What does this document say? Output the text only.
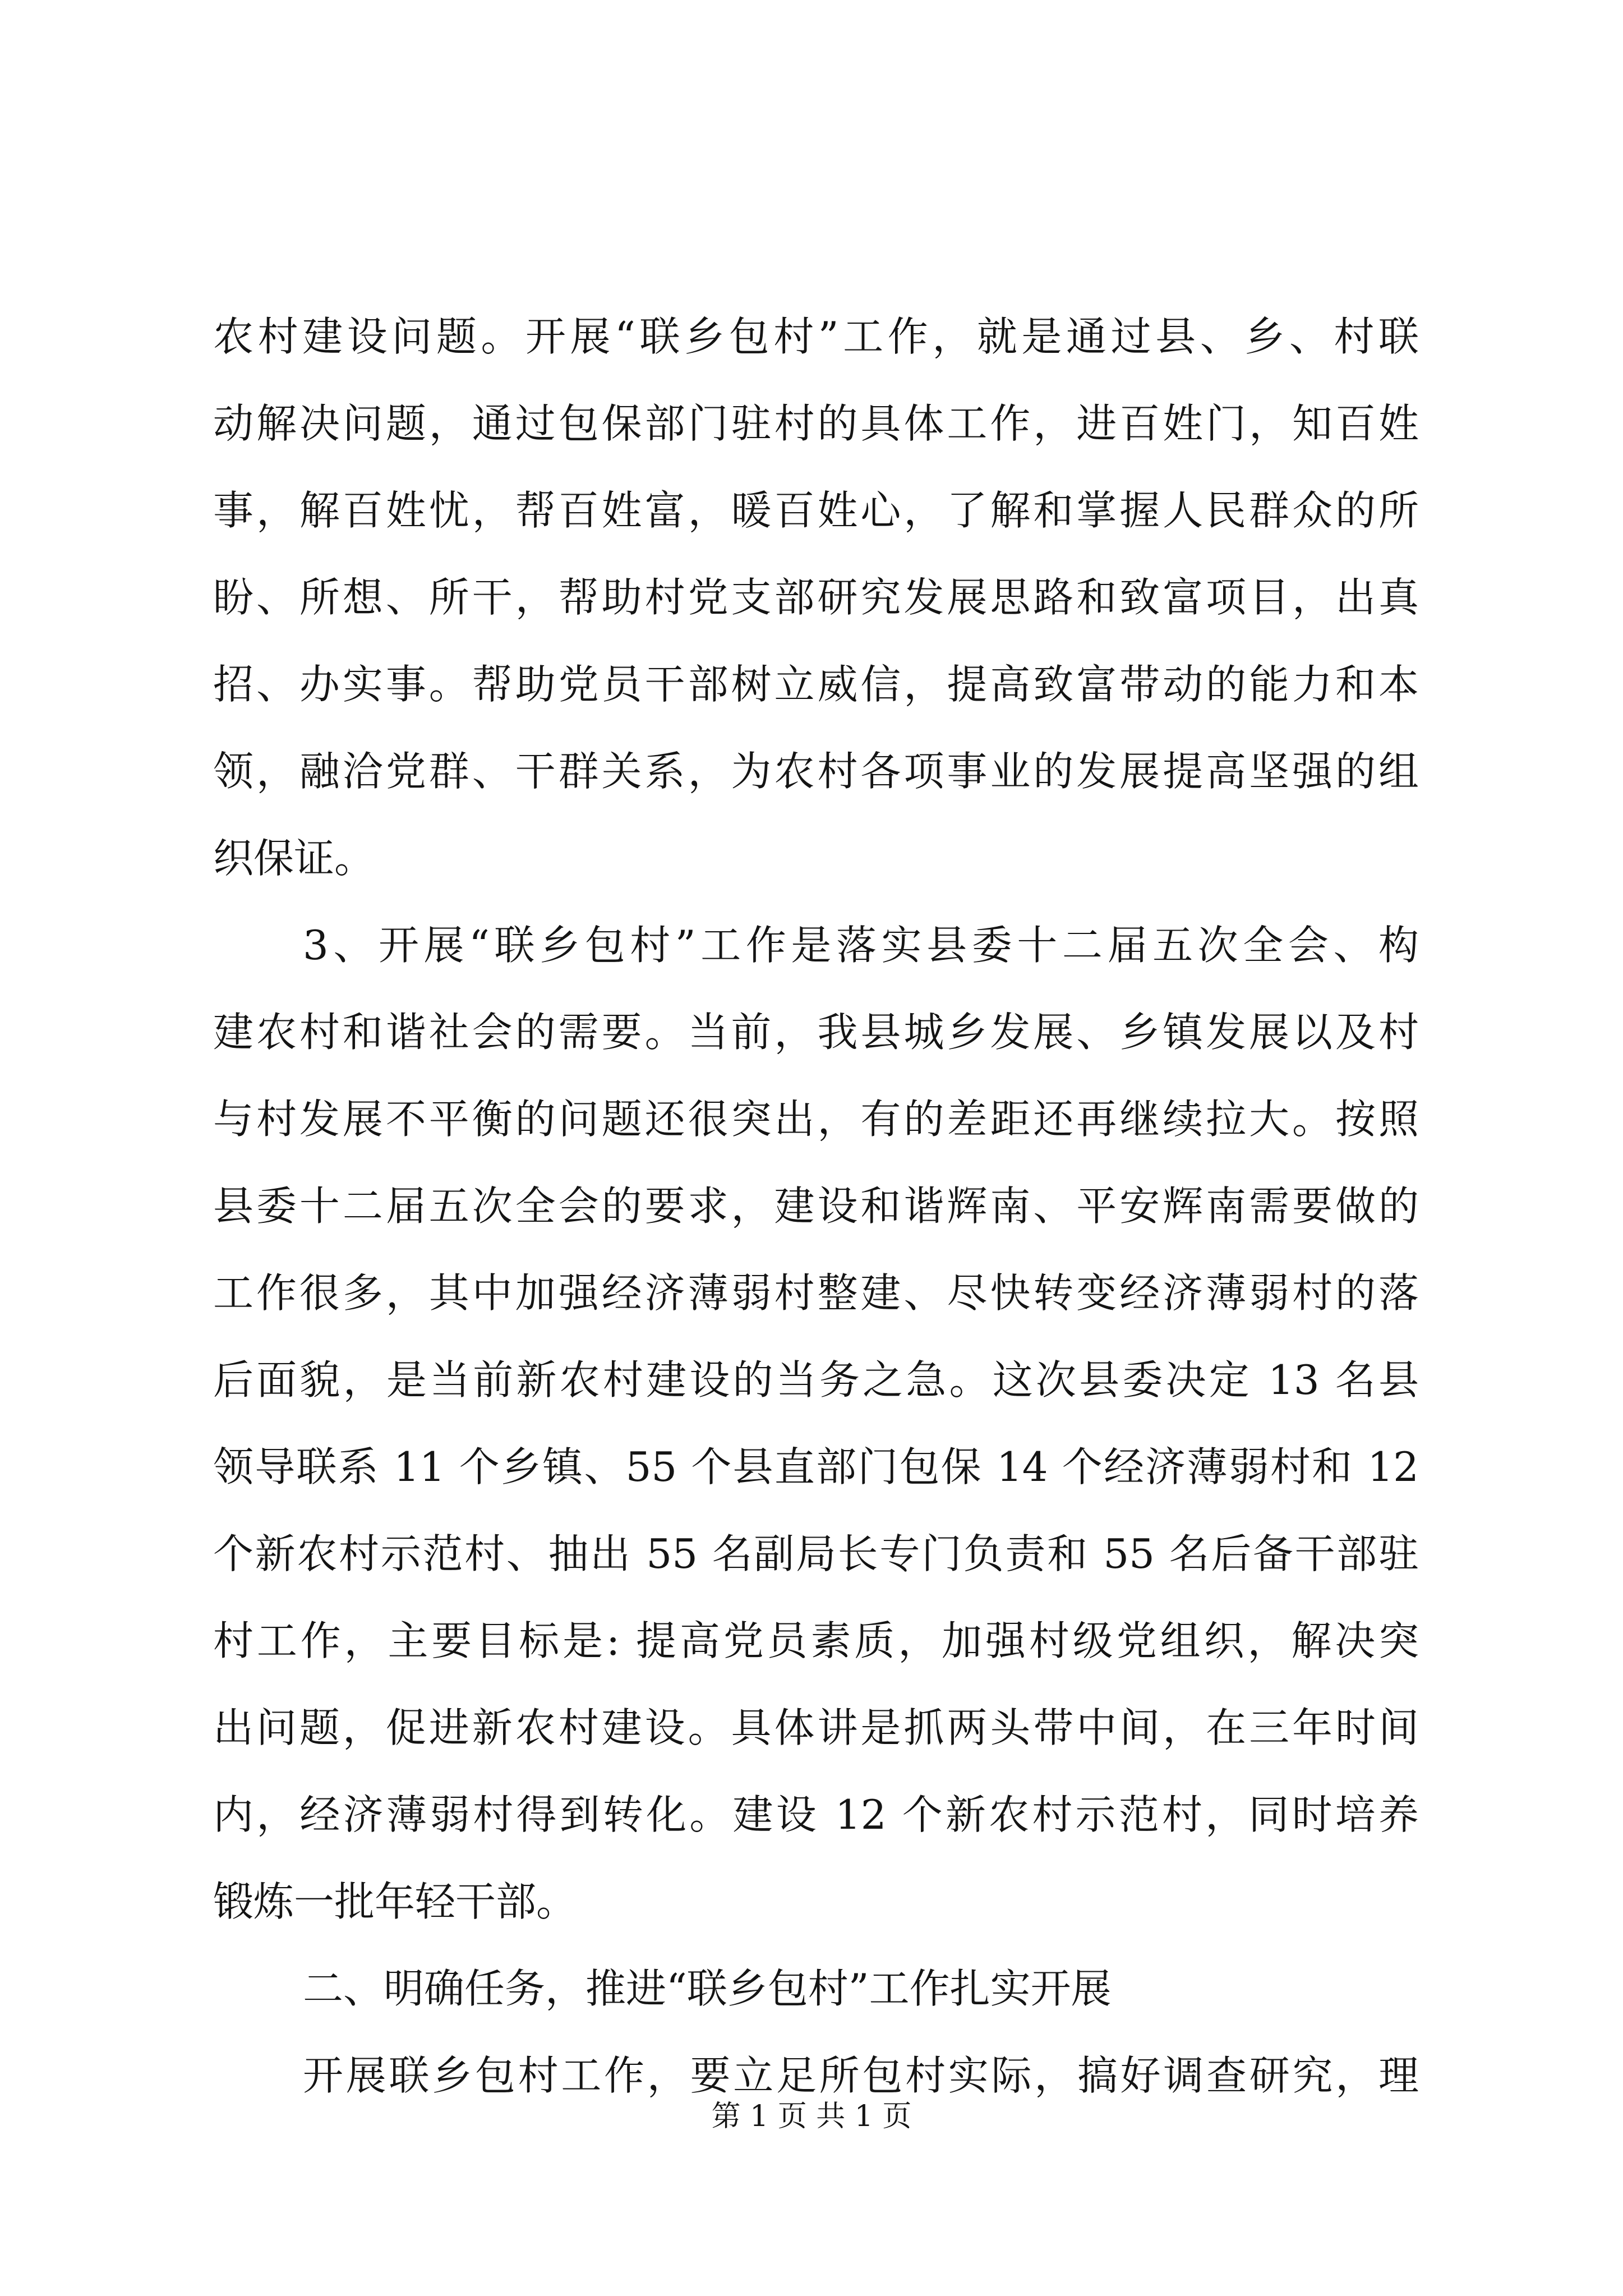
农村建设问题。开展“联乡包村”工作，就是通过县、乡、村联

动解决问题，通过包保部门驻村的具体工作，进百姓门，知百姓

事，解百姓忧，帮百姓富，暖百姓心，了解和掌握人民群众的所

盼、所想、所干，帮助村党支部研究发展思路和致富项目，出真

招、办实事。帮助党员干部树立威信，提高致富带动的能力和本

领，融洽党群、干群关系，为农村各项事业的发展提高坚强的组

织保证。

3、开展“联乡包村”工作是落实县委十二届五次全会、构

建农村和谐社会的需要。当前，我县城乡发展、乡镇发展以及村

与村发展不平衡的问题还很突出，有的差距还再继续拉大。按照

县委十二届五次全会的要求，建设和谐辉南、平安辉南需要做的

工作很多，其中加强经济薄弱村整建、尽快转变经济薄弱村的落

后面貌，是当前新农村建设的当务之急。这次县委决定 13 名县

领导联系 11 个乡镇、55 个县直部门包保 14 个经济薄弱村和 12

个新农村示范村、抽出 55 名副局长专门负责和 55 名后备干部驻

村工作，主要目标是: 提高党员素质，加强村级党组织，解决突

出问题，促进新农村建设。具体讲是抓两头带中间，在三年时间

内，经济薄弱村得到转化。建设 12 个新农村示范村，同时培养

锻炼一批年轻干部。

二、明确任务，推进“联乡包村”工作扎实开展

开展联乡包村工作，要立足所包村实际，搞好调查研究，理

第 1 页 共 1 页
